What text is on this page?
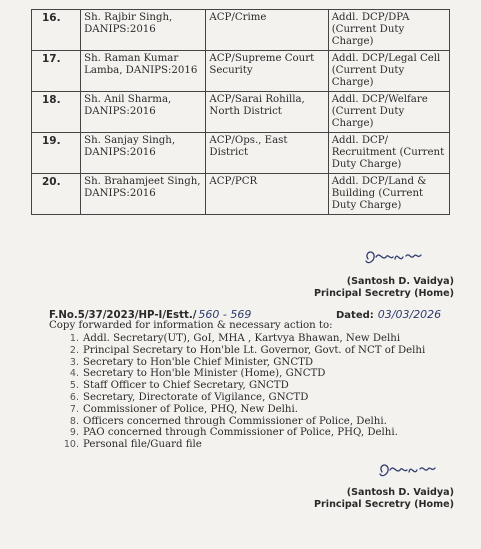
16.	Sh. Rajbir Singh, DANIPS:2016	ACP/Crime	Addl. DCP/DPA (Current Duty Charge)
17.	Sh. Raman Kumar Lamba, DANIPS:2016	ACP/Supreme Court Security	Addl. DCP/Legal Cell (Current Duty Charge)
18.	Sh. Anil Sharma, DANIPS:2016	ACP/Sarai Rohilla, North District	Addl. DCP/Welfare (Current Duty Charge)
19.	Sh. Sanjay Singh, DANIPS:2016	ACP/Ops., East District	Addl. DCP/ Recruitment (Current Duty Charge)
20.	Sh. Brahamjeet Singh, DANIPS:2016	ACP/PCR	Addl. DCP/Land & Building (Current Duty Charge)
(Santosh D. Vaidya)
Principal Secretry (Home)
F.No.5/37/2023/HP-I/Estt./ 560 - 569	Dated: 03/03/2026
Copy forwarded for information & necessary action to:
1. Addl. Secretary(UT), GoI, MHA , Kartvya Bhawan, New Delhi
2. Principal Secretary to Hon'ble Lt. Governor, Govt. of NCT of Delhi
3. Secretary to Hon'ble Chief Minister, GNCTD
4. Secretary to Hon'ble Minister (Home), GNCTD
5. Staff Officer to Chief Secretary, GNCTD
6. Secretary, Directorate of Vigilance, GNCTD
7. Commissioner of Police, PHQ, New Delhi.
8. Officers concerned through Commissioner of Police, Delhi.
9. PAO concerned through Commissioner of Police, PHQ, Delhi.
10. Personal file/Guard file
(Santosh D. Vaidya)
Principal Secretry (Home)
